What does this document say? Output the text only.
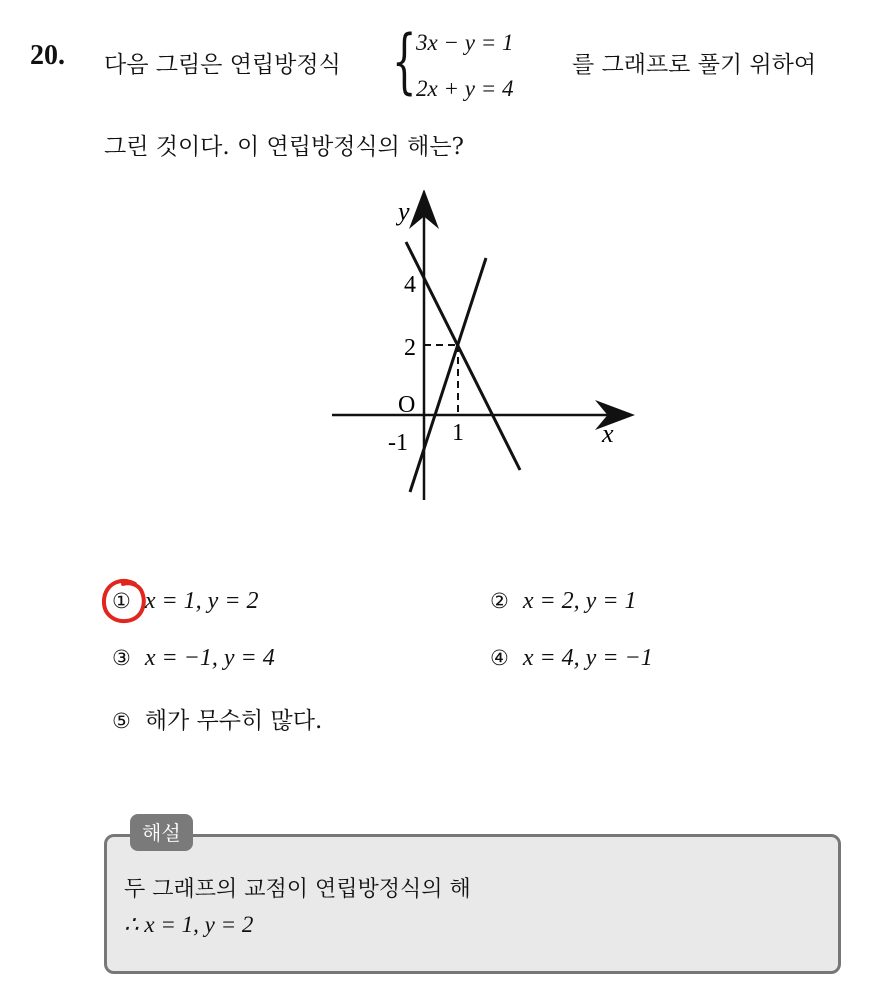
20. 다음 그림은 연립방정식 { 3x − y = 1
2x + y = 4
를 그래프로 풀기 위하여
그린 것이다. 이 연립방정식의 해는?
y
x
O
4
2
-1 1
① x = 1, y = 2	② x = 2, y = 1
③ x = −1, y = 4	④ x = 4, y = −1
⑤ 해가 무수히 많다.
해설
두 그래프의 교점이 연립방정식의 해
∴ x = 1, y = 2
